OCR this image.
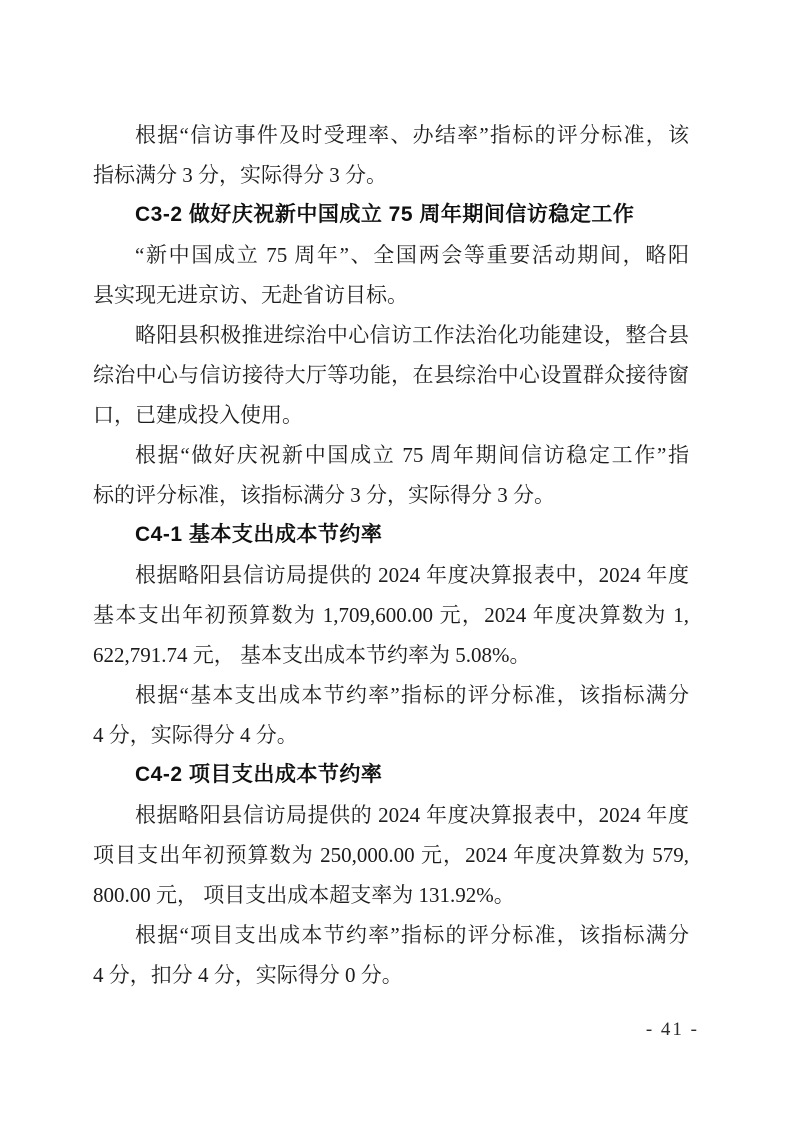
根据“信访事件及时受理率、办结率”指标的评分标准，该
指标满分 3 分，实际得分 3 分。
C3-2 做好庆祝新中国成立 75 周年期间信访稳定工作
“新中国成立 75 周年”、全国两会等重要活动期间，略阳
县实现无进京访、无赴省访目标。
略阳县积极推进综治中心信访工作法治化功能建设，整合县
综治中心与信访接待大厅等功能，在县综治中心设置群众接待窗
口，已建成投入使用。
根据“做好庆祝新中国成立 75 周年期间信访稳定工作”指
标的评分标准，该指标满分 3 分，实际得分 3 分。
C4-1 基本支出成本节约率
根据略阳县信访局提供的 2024 年度决算报表中，2024 年度
基本支出年初预算数为 1,709,600.00 元，2024 年度决算数为 1,
622,791.74 元， 基本支出成本节约率为 5.08%。
根据“基本支出成本节约率”指标的评分标准，该指标满分
4 分，实际得分 4 分。
C4-2 项目支出成本节约率
根据略阳县信访局提供的 2024 年度决算报表中，2024 年度
项目支出年初预算数为 250,000.00 元，2024 年度决算数为 579,
800.00 元， 项目支出成本超支率为 131.92%。
根据“项目支出成本节约率”指标的评分标准，该指标满分
4 分，扣分 4 分，实际得分 0 分。
- 41 -
